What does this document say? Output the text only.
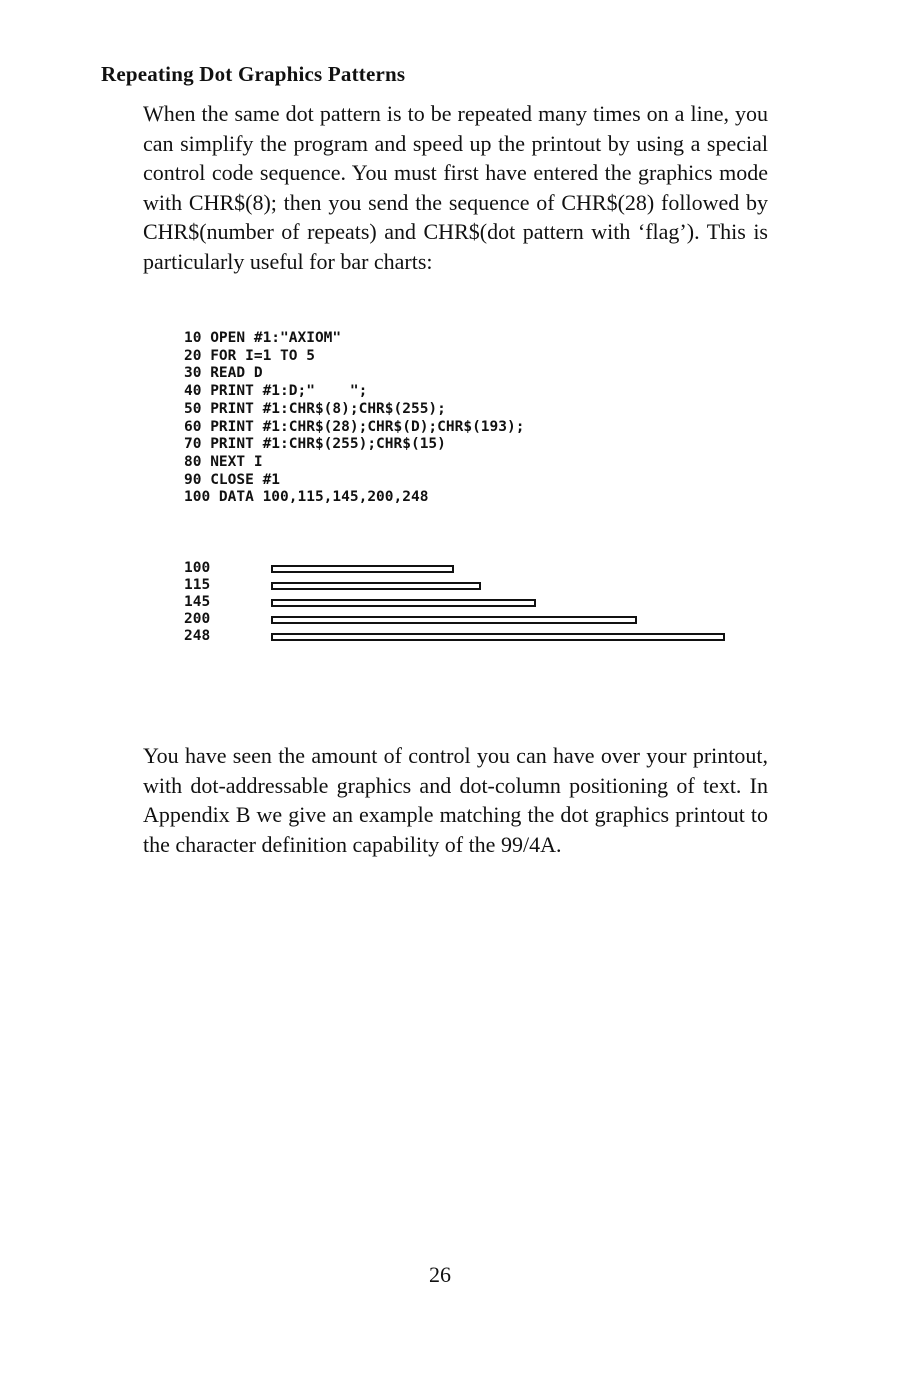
Repeating Dot Graphics Patterns

When the same dot pattern is to be repeated many times on a line, you can simplify the program and speed up the printout by using a special control code sequence. You must first have entered the graphics mode with CHR$(8); then you send the sequence of CHR$(28) followed by CHR$(number of repeats) and CHR$(dot pattern with ‘flag’). This is particularly useful for bar charts:

10 OPEN #1:"AXIOM"
20 FOR I=1 TO 5
30 READ D
40 PRINT #1:D;"    ";
50 PRINT #1:CHR$(8);CHR$(255);
60 PRINT #1:CHR$(28);CHR$(D);CHR$(193);
70 PRINT #1:CHR$(255);CHR$(15)
80 NEXT I
90 CLOSE #1
100 DATA 100,115,145,200,248
100
115
145
200
248

You have seen the amount of control you can have over your printout, with dot-addressable graphics and dot-column positioning of text. In Appendix B we give an example matching the dot graphics printout to the character definition capability of the 99/4A.

26
